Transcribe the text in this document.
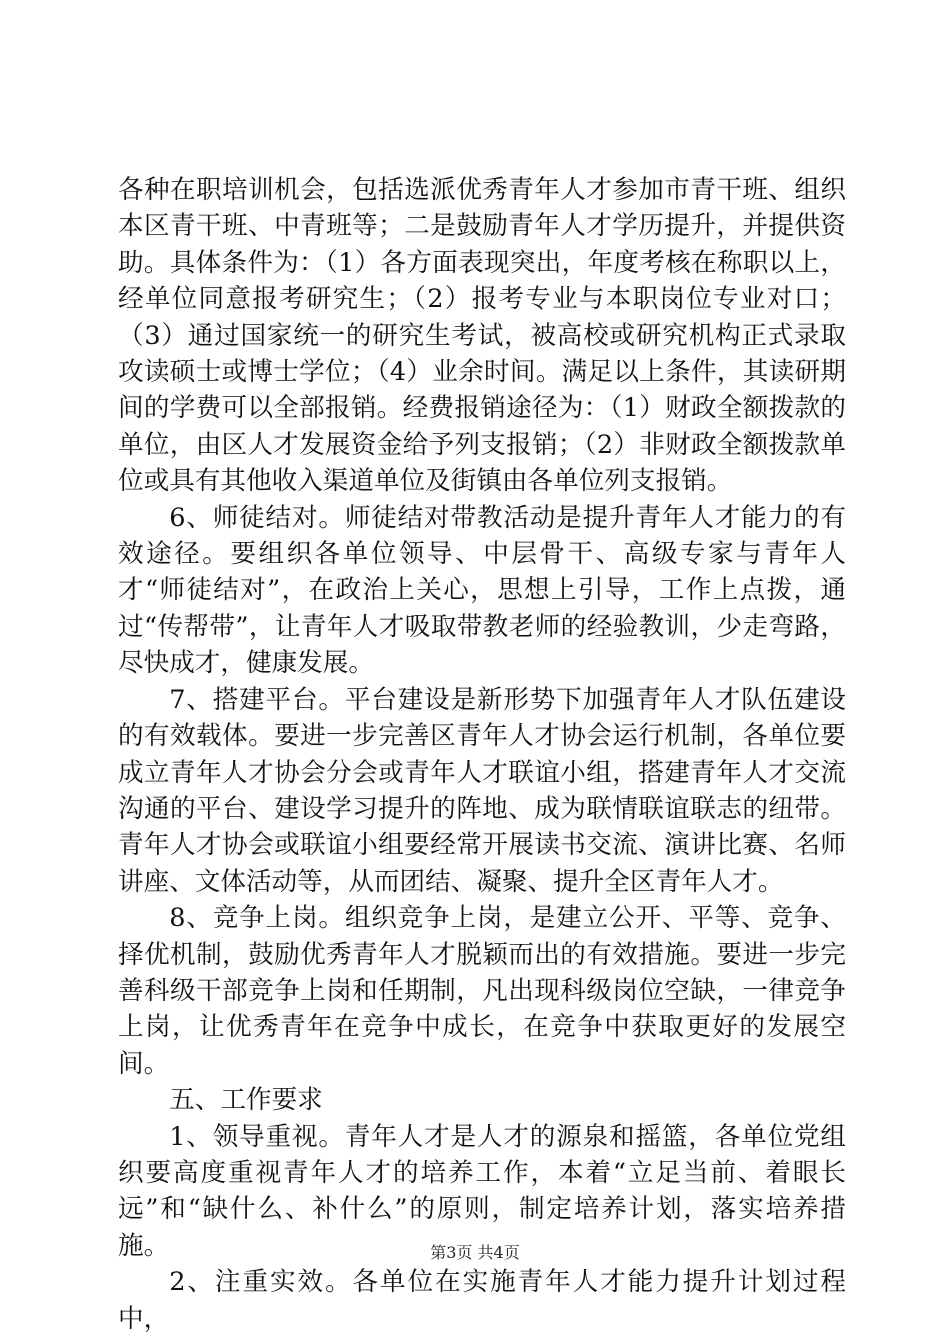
各种在职培训机会，包括选派优秀青年人才参加市青干班、组织本区青干班、中青班等；二是鼓励青年人才学历提升，并提供资助。具体条件为：（1）各方面表现突出，年度考核在称职以上，经单位同意报考研究生；（2）报考专业与本职岗位专业对口；（3）通过国家统一的研究生考试，被高校或研究机构正式录取攻读硕士或博士学位；（4）业余时间。满足以上条件，其读研期间的学费可以全部报销。经费报销途径为：（1）财政全额拨款的单位，由区人才发展资金给予列支报销；（2）非财政全额拨款单位或具有其他收入渠道单位及街镇由各单位列支报销。

6、师徒结对。师徒结对带教活动是提升青年人才能力的有效途径。要组织各单位领导、中层骨干、高级专家与青年人才“师徒结对”，在政治上关心，思想上引导，工作上点拨，通过“传帮带”，让青年人才吸取带教老师的经验教训，少走弯路，尽快成才，健康发展。

7、搭建平台。平台建设是新形势下加强青年人才队伍建设的有效载体。要进一步完善区青年人才协会运行机制，各单位要成立青年人才协会分会或青年人才联谊小组，搭建青年人才交流沟通的平台、建设学习提升的阵地、成为联情联谊联志的纽带。青年人才协会或联谊小组要经常开展读书交流、演讲比赛、名师讲座、文体活动等，从而团结、凝聚、提升全区青年人才。

8、竞争上岗。组织竞争上岗，是建立公开、平等、竞争、择优机制，鼓励优秀青年人才脱颖而出的有效措施。要进一步完善科级干部竞争上岗和任期制，凡出现科级岗位空缺，一律竞争上岗，让优秀青年在竞争中成长，在竞争中获取更好的发展空间。

五、工作要求

1、领导重视。青年人才是人才的源泉和摇篮，各单位党组织要高度重视青年人才的培养工作，本着“立足当前、着眼长远”和“缺什么、补什么”的原则，制定培养计划，落实培养措施。

2、注重实效。各单位在实施青年人才能力提升计划过程中，

第3页 共4页
